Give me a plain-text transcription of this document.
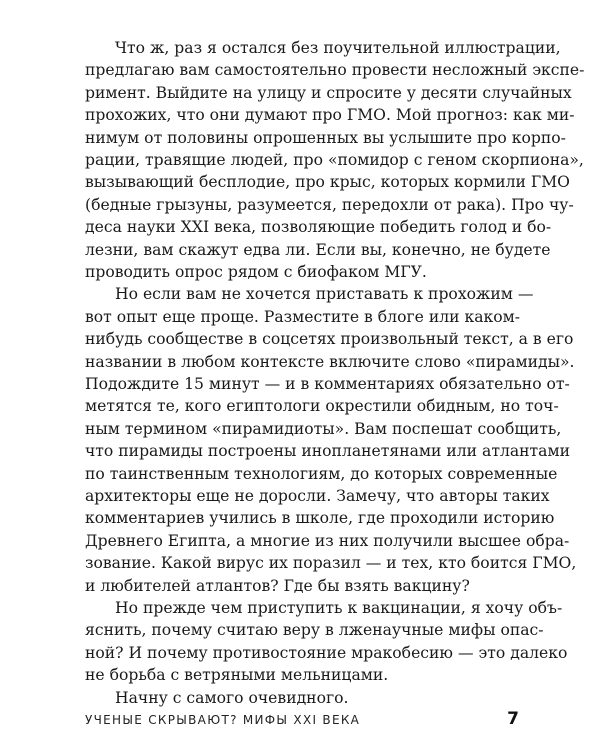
Что ж, раз я остался без поучительной иллюстрации,
предлагаю вам самостоятельно провести несложный экспе-
римент. Выйдите на улицу и спросите у десяти случайных
прохожих, что они думают про ГМО. Мой прогноз: как ми-
нимум от половины опрошенных вы услышите про корпо-
рации, травящие людей, про «помидор с геном скорпиона»,
вызывающий бесплодие, про крыс, которых кормили ГМО
(бедные грызуны, разумеется, передохли от рака). Про чу-
деса науки XXI века, позволяющие победить голод и бо-
лезни, вам скажут едва ли. Если вы, конечно, не будете
проводить опрос рядом с биофаком МГУ.
Но если вам не хочется приставать к прохожим —
вот опыт еще проще. Разместите в блоге или каком-
нибудь сообществе в соцсетях произвольный текст, а в его
названии в любом контексте включите слово «пирамиды».
Подождите 15 минут — и в комментариях обязательно от-
метятся те, кого египтологи окрестили обидным, но точ-
ным термином «пирамидиоты». Вам поспешат сообщить,
что пирамиды построены инопланетянами или атлантами
по таинственным технологиям, до которых современные
архитекторы еще не доросли. Замечу, что авторы таких
комментариев учились в школе, где проходили историю
Древнего Египта, а многие из них получили высшее обра-
зование. Какой вирус их поразил — и тех, кто боится ГМО,
и любителей атлантов? Где бы взять вакцину?
Но прежде чем приступить к вакцинации, я хочу объ-
яснить, почему считаю веру в лженаучные мифы опас-
ной? И почему противостояние мракобесию — это далеко
не борьба с ветряными мельницами.
Начну с самого очевидного.
УЧЕНЫЕ СКРЫВАЮТ? МИФЫ XXI ВЕКА	7
